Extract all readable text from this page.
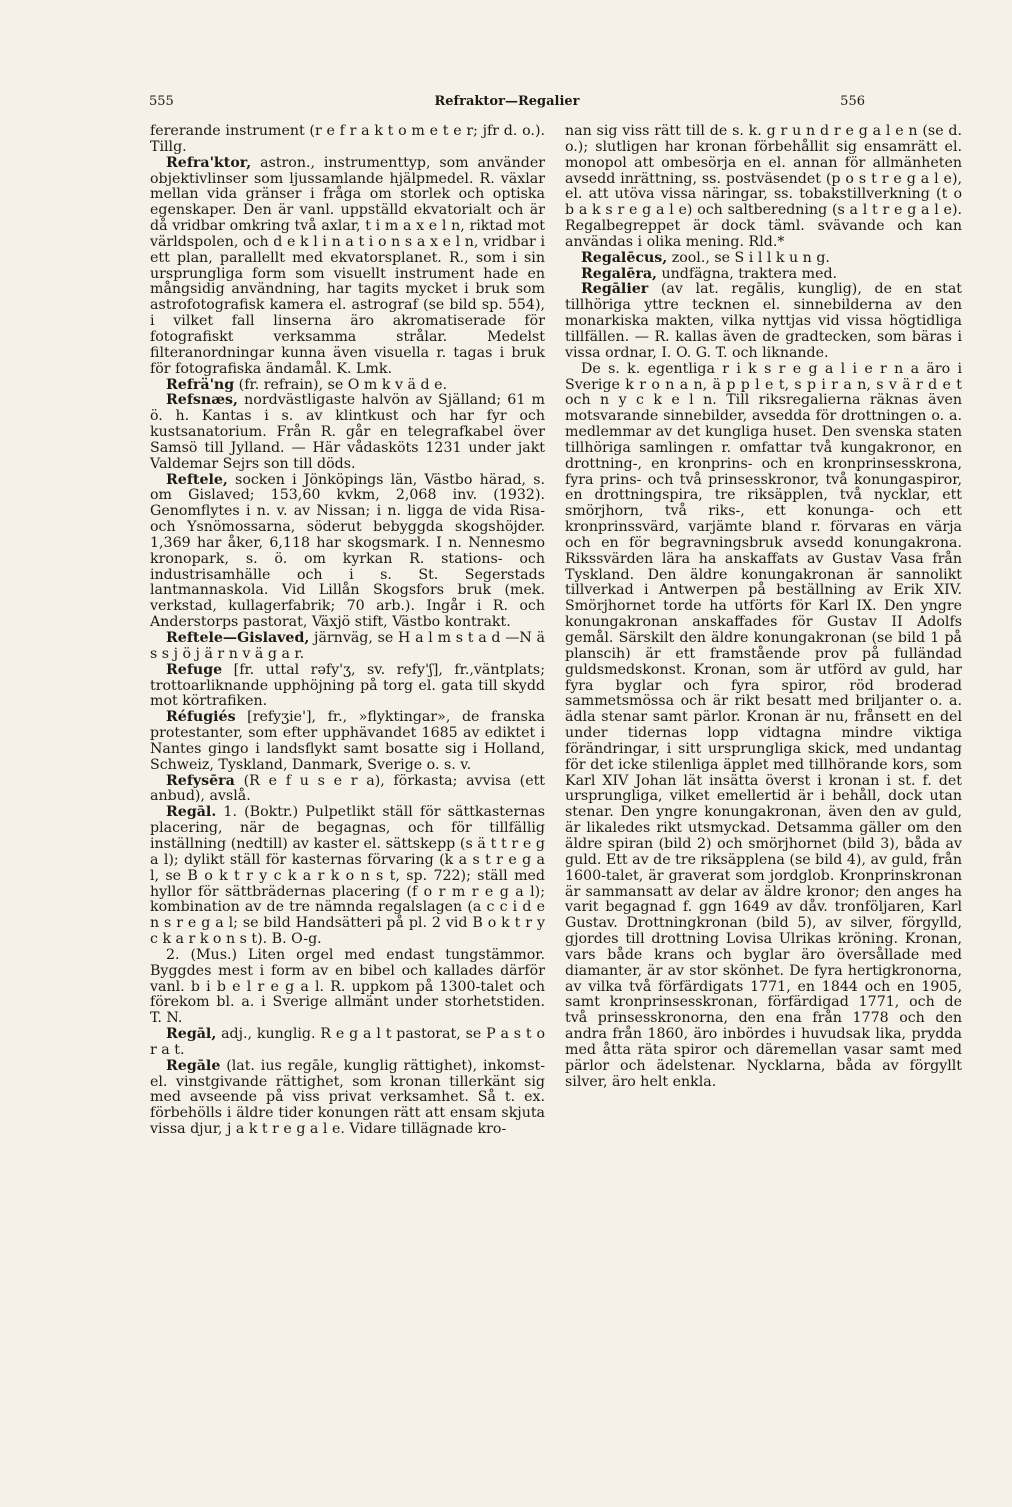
555	Refraktor—Regalier	556

fererande instrument (r e f r a k t o m e t e r; jfr d. o.). Tillg.

Refra'ktor, astron., instrumenttyp, som använder objektivlinser som ljussamlande hjälpmedel. R. växlar mellan vida gränser i fråga om storlek och optiska egenskaper. Den är vanl. uppställd ekvatorialt och är då vridbar omkring två axlar, t i m a x e l n, riktad mot världspolen, och d e k l i n a t i o n s a x e l n, vridbar i ett plan, parallellt med ekvatorsplanet. R., som i sin ursprungliga form som visuellt instrument hade en mångsidig användning, har tagits mycket i bruk som astrofotografisk kamera el. astrograf (se bild sp. 554), i vilket fall linserna äro akromatiserade för fotografiskt verksamma strålar. Medelst filteranordningar kunna även visuella r. tagas i bruk för fotografiska ändamål. K. Lmk.

Refrä'ng (fr. refrain), se O m k v ä d e.

Refsnæs, nordvästligaste halvön av Själland; 61 m ö. h. Kantas i s. av klintkust och har fyr och kustsanatorium. Från R. går en telegrafkabel över Samsö till Jylland. — Här vådasköts 1231 under jakt Valdemar Sejrs son till döds.

Reftele, socken i Jönköpings län, Västbo härad, s. om Gislaved; 153,60 kvkm, 2,068 inv. (1932). Genomflytes i n. v. av Nissan; i n. ligga de vida Risa- och Ysnömossarna, söderut bebyggda skogshöjder. 1,369 har åker, 6,118 har skogsmark. I n. Nennesmo kronopark, s. ö. om kyrkan R. stations- och industrisamhälle och i s. St. Segerstads lantmannaskola. Vid Lillån Skogsfors bruk (mek. verkstad, kullagerfabrik; 70 arb.). Ingår i R. och Anderstorps pastorat, Växjö stift, Västbo kontrakt.

Reftele—Gislaved, järnväg, se H a l m s t a d —N ä s s j ö j ä r n v ä g a r.

Refuge [fr. uttal rəfy'ʒ, sv. refy'ʃ], fr.,väntplats; trottoarliknande upphöjning på torg el. gata till skydd mot körtrafiken.

Réfugiés [refyʒie'], fr., »flyktingar», de franska protestanter, som efter upphävandet 1685 av ediktet i Nantes gingo i landsflykt samt bosatte sig i Holland, Schweiz, Tyskland, Danmark, Sverige o. s. v.

Refysēra (R e f u s e r a), förkasta; avvisa (ett anbud), avslå.

Regāl. 1. (Boktr.) Pulpetlikt ställ för sättkasternas placering, när de begagnas, och för tillfällig inställning (nedtill) av kaster el. sättskepp (s ä t t r e g a l); dylikt ställ för kasternas förvaring (k a s t r e g a l, se B o k t r y c k a r k o n s t, sp. 722); ställ med hyllor för sättbrädernas placering (f o r m r e g a l); kombination av de tre nämnda regalslagen (a c c i d e n s r e g a l; se bild Handsätteri på pl. 2 vid B o k t r y c k a r k o n s t). B. O-g.

2. (Mus.) Liten orgel med endast tungstämmor. Byggdes mest i form av en bibel och kallades därför vanl. b i b e l r e g a l. R. uppkom på 1300-talet och förekom bl. a. i Sverige allmänt under storhetstiden. T. N.

Regāl, adj., kunglig. R e g a l t pastorat, se P a s t o r a t.

Regāle (lat. ius regāle, kunglig rättighet), inkomst- el. vinstgivande rättighet, som kronan tillerkänt sig med avseende på viss privat verksamhet. Så t. ex. förbehölls i äldre tider konungen rätt att ensam skjuta vissa djur, j a k t r e g a l e. Vidare tillägnade kro-

nan sig viss rätt till de s. k. g r u n d r e g a l e n (se d. o.); slutligen har kronan förbehållit sig ensamrätt el. monopol att ombesörja en el. annan för allmänheten avsedd inrättning, ss. postväsendet (p o s t r e g a l e), el. att utöva vissa näringar, ss. tobakstillverkning (t o b a k s r e g a l e) och saltberedning (s a l t r e g a l e). Regalbegreppet är dock täml. svävande och kan användas i olika mening. Rld.*

Regalēcus, zool., se S i l l k u n g.

Regalēra, undfägna, traktera med.

Regālier (av lat. regālis, kunglig), de en stat tillhöriga yttre tecknen el. sinnebilderna av den monarkiska makten, vilka nyttjas vid vissa högtidliga tillfällen. — R. kallas även de gradtecken, som bäras i vissa ordnar, I. O. G. T. och liknande.

De s. k. egentliga r i k s r e g a l i e r n a äro i Sverige k r o n a n, ä p p l e t, s p i r a n, s v ä r d e t och n y c k e l n. Till riksregalierna räknas även motsvarande sinnebilder, avsedda för drottningen o. a. medlemmar av det kungliga huset. Den svenska staten tillhöriga samlingen r. omfattar två kungakronor, en drottning-, en kronprins- och en kronprinsesskrona, fyra prins- och två prinsesskronor, två konungaspiror, en drottningspira, tre riksäpplen, två nycklar, ett smörjhorn, två riks-, ett konunga- och ett kronprinssvärd, varjämte bland r. förvaras en värja och en för begravningsbruk avsedd konungakrona. Rikssvärden lära ha anskaffats av Gustav Vasa från Tyskland. Den äldre konungakronan är sannolikt tillverkad i Antwerpen på beställning av Erik XIV. Smörjhornet torde ha utförts för Karl IX. Den yngre konungakronan anskaffades för Gustav II Adolfs gemål. Särskilt den äldre konungakronan (se bild 1 på planscih) är ett framstående prov på fulländad guldsmedskonst. Kronan, som är utförd av guld, har fyra byglar och fyra spiror, röd broderad sammetsmössa och är rikt besatt med briljanter o. a. ädla stenar samt pärlor. Kronan är nu, frånsett en del under tidernas lopp vidtagna mindre viktiga förändringar, i sitt ursprungliga skick, med undantag för det icke stilenliga äpplet med tillhörande kors, som Karl XIV Johan lät insätta överst i kronan i st. f. det ursprungliga, vilket emellertid är i behåll, dock utan stenar. Den yngre konungakronan, även den av guld, är likaledes rikt utsmyckad. Detsamma gäller om den äldre spiran (bild 2) och smörjhornet (bild 3), båda av guld. Ett av de tre riksäpplena (se bild 4), av guld, från 1600-talet, är graverat som jordglob. Kronprinskronan är sammansatt av delar av äldre kronor; den anges ha varit begagnad f. ggn 1649 av dåv. tronföljaren, Karl Gustav. Drottningkronan (bild 5), av silver, förgylld, gjordes till drottning Lovisa Ulrikas kröning. Kronan, vars både krans och byglar äro översållade med diamanter, är av stor skönhet. De fyra hertigkronorna, av vilka två förfärdigats 1771, en 1844 och en 1905, samt kronprinsesskronan, förfärdigad 1771, och de två prinsesskronorna, den ena från 1778 och den andra från 1860, äro inbördes i huvudsak lika, prydda med åtta räta spiror och däremellan vasar samt med pärlor och ädelstenar. Nycklarna, båda av förgyllt silver, äro helt enkla.
